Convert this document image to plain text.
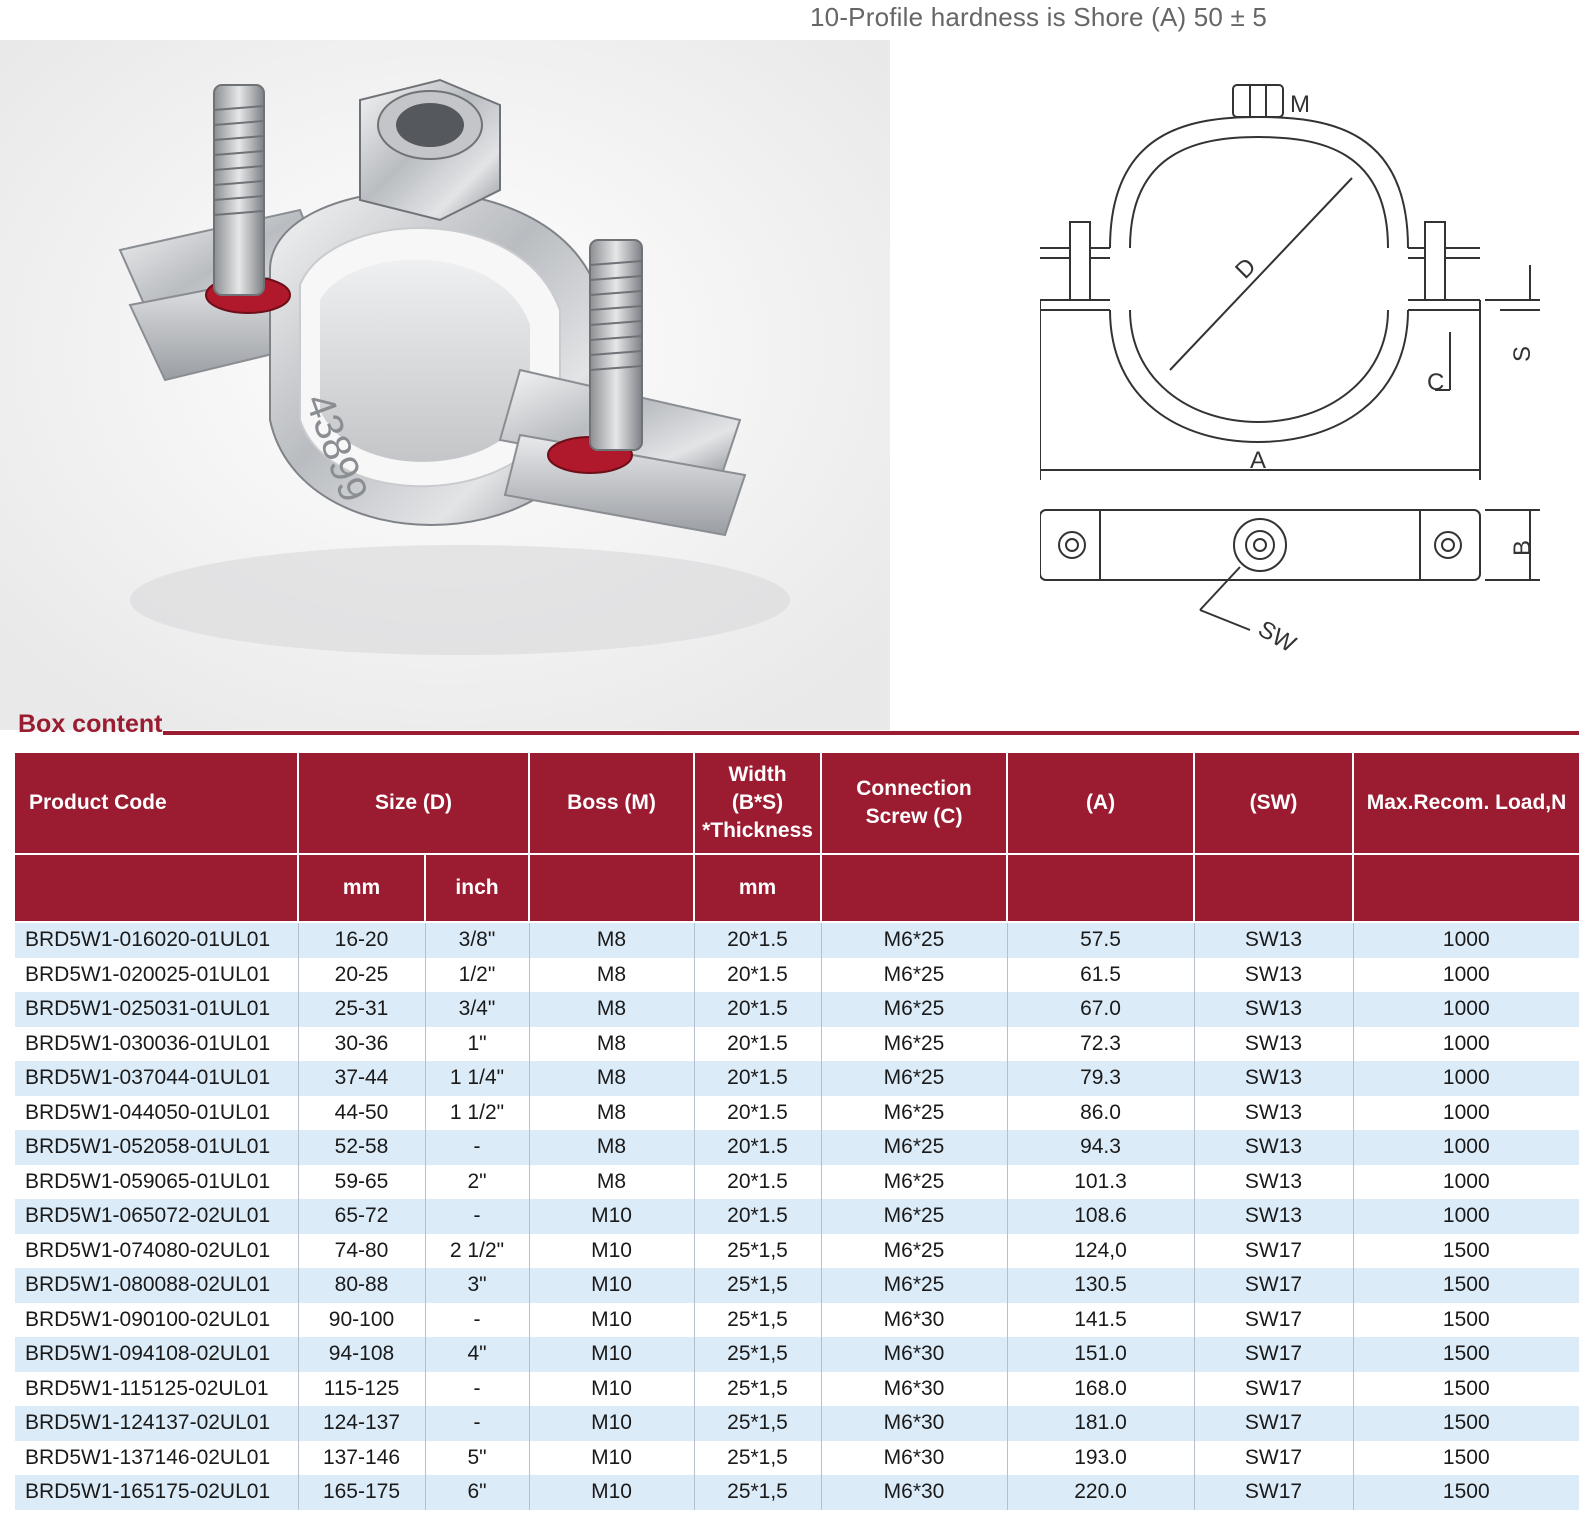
10-Profile hardness is Shore (A) 50 ± 5
43899
M
D
C
S
A
B
SW
Box content
Product Code	Size (D)		Boss (M)	Width (B*S) *Thickness	Connection Screw (C)	(A)	(SW)	Max.Recom. Load,N
	mm	inch		mm				
BRD5W1-016020-01UL01	16-20	3/8"	M8	20*1.5	M6*25	57.5	SW13	1000
BRD5W1-020025-01UL01	20-25	1/2"	M8	20*1.5	M6*25	61.5	SW13	1000
BRD5W1-025031-01UL01	25-31	3/4"	M8	20*1.5	M6*25	67.0	SW13	1000
BRD5W1-030036-01UL01	30-36	1"	M8	20*1.5	M6*25	72.3	SW13	1000
BRD5W1-037044-01UL01	37-44	1 1/4"	M8	20*1.5	M6*25	79.3	SW13	1000
BRD5W1-044050-01UL01	44-50	1 1/2"	M8	20*1.5	M6*25	86.0	SW13	1000
BRD5W1-052058-01UL01	52-58	-	M8	20*1.5	M6*25	94.3	SW13	1000
BRD5W1-059065-01UL01	59-65	2"	M8	20*1.5	M6*25	101.3	SW13	1000
BRD5W1-065072-02UL01	65-72	-	M10	20*1.5	M6*25	108.6	SW13	1000
BRD5W1-074080-02UL01	74-80	2 1/2"	M10	25*1,5	M6*25	124,0	SW17	1500
BRD5W1-080088-02UL01	80-88	3"	M10	25*1,5	M6*25	130.5	SW17	1500
BRD5W1-090100-02UL01	90-100	-	M10	25*1,5	M6*30	141.5	SW17	1500
BRD5W1-094108-02UL01	94-108	4"	M10	25*1,5	M6*30	151.0	SW17	1500
BRD5W1-115125-02UL01	115-125	-	M10	25*1,5	M6*30	168.0	SW17	1500
BRD5W1-124137-02UL01	124-137	-	M10	25*1,5	M6*30	181.0	SW17	1500
BRD5W1-137146-02UL01	137-146	5"	M10	25*1,5	M6*30	193.0	SW17	1500
BRD5W1-165175-02UL01	165-175	6"	M10	25*1,5	M6*30	220.0	SW17	1500
